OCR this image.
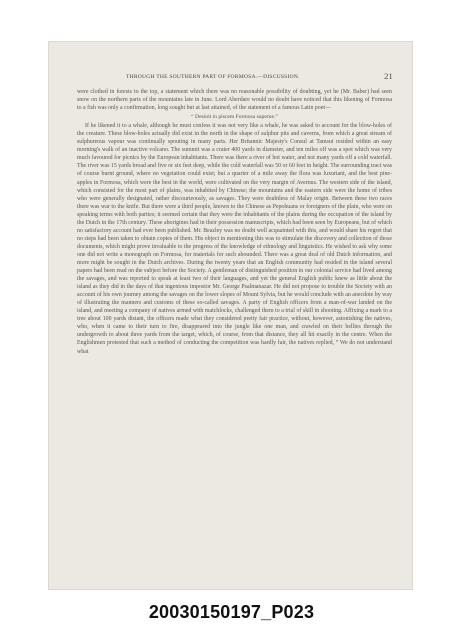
THROUGH THE SOUTHERN PART OF FORMOSA.—DISCUSSION.	21

were clothed in forests to the top, a statement which there was no reasonable possibility of doubting, yet he (Mr. Baber) had seen snow on the northern parts of the mountains late in June. Lord Aberdare would no doubt have noticed that this likening of Formosa to a fish was only a confirmation, long sought but at last attained, of the statement of a famous Latin poet—

“ Desinit in piscem Formosa superne.”

If he likened it to a whale, although he must confess it was not very like a whale, he was asked to account for the blow-holes of the creature. These blow-holes actually did exist in the north in the shape of sulphur pits and caverns, from which a great stream of sulphureous vapour was continually spouting in many parts. Her Britannic Majesty's Consul at Tamsui resided within an easy morning's walk of an inactive volcano. The summit was a crater 400 yards in diameter, and ten miles off was a spot which was very much favoured for picnics by the European inhabitants. There was there a river of hot water, and not many yards off a cold waterfall. The river was 15 yards broad and five or six feet deep, while the cold waterfall was 50 or 60 feet in height. The surrounding tract was of course burnt ground, where no vegetation could exist; but a quarter of a mile away the flora was luxuriant, and the best pine-apples in Formosa, which were the best in the world, were cultivated on the very margin of Avernus. The western side of the island, which consisted for the most part of plains, was inhabited by Chinese; the mountains and the eastern side were the home of tribes who were generally designated, rather discourteously, as savages. They were doubtless of Malay origin. Between these two races there was war to the knife. But there were a third people, known to the Chinese as Pepohuans or foreigners of the plain, who were on speaking terms with both parties; it seemed certain that they were the inhabitants of the plains during the occupation of the island by the Dutch in the 17th century. These aborigines had in their possession manuscripts, which had been seen by Europeans, but of which no satisfactory account had ever been published. Mr. Beazley was no doubt well acquainted with this, and would share his regret that no steps had been taken to obtain copies of them. His object in mentioning this was to stimulate the discovery and collection of those documents, which might prove invaluable to the progress of the knowledge of ethnology and linguistics. He wished to ask why some one did not write a monograph on Formosa, for materials for such abounded. There was a great deal of old Dutch information, and more might be sought in the Dutch archives. During the twenty years that an English community had resided in the island several papers had been read on the subject before the Society. A gentleman of distinguished position in our colonial service had lived among the savages, and was reported to speak at least two of their languages, and yet the general English public knew as little about the island as they did in the days of that ingenious impostor Mr. George Psalmanazar. He did not propose to trouble the Society with an account of his own journey among the savages on the lower slopes of Mount Sylvia, but he would conclude with an anecdote by way of illustrating the manners and customs of these so-called savages. A party of English officers from a man-of-war landed on the island, and meeting a company of natives armed with matchlocks, challenged them to a trial of skill in shooting. Affixing a mark to a tree about 100 yards distant, the officers made what they considered pretty fair practice, without, however, astonishing the natives, who, when it came to their turn to fire, disappeared into the jungle like one man, and crawled on their bellies through the undergrowth to about three yards from the target, which, of course, from that distance, they all hit exactly in the centre. When the Englishmen protested that such a method of conducting the competition was hardly fair, the natives replied, “ We do not understand what

20030150197_P023
